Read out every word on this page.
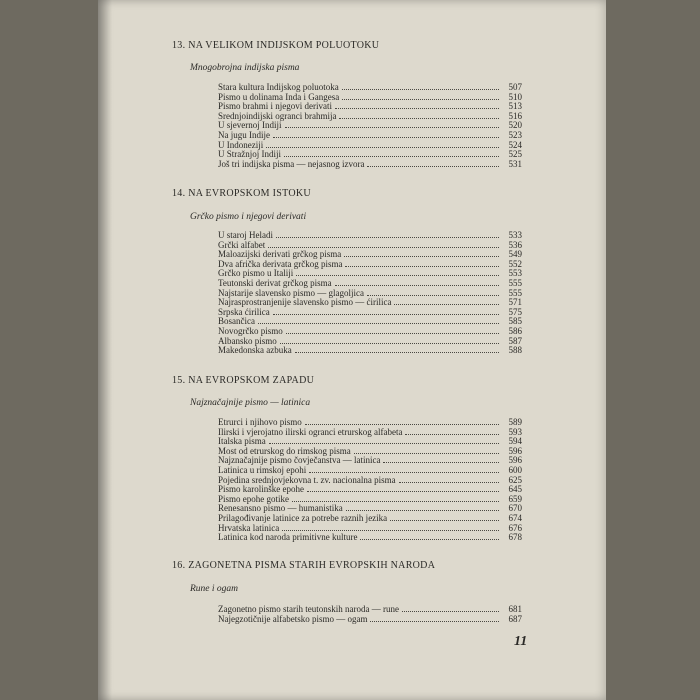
13. NA VELIKOM INDIJSKOM POLUOTOKU
Mnogobrojna indijska pisma
Stara kultura Indijskog poluotoka	507
Pismo u dolinama Inda i Gangesa	510
Pismo brahmi i njegovi derivati	513
Srednjoindijski ogranci brahmija	516
U sjevernoj Indiji	520
Na jugu Indije	523
U Indoneziji	524
U Stražnjoj Indiji	525
Još tri indijska pisma — nejasnog izvora	531
14. NA EVROPSKOM ISTOKU
Grčko pismo i njegovi derivati
U staroj Heladi	533
Grčki alfabet	536
Maloazijski derivati grčkog pisma	549
Dva afrička derivata grčkog pisma	552
Grčko pismo u Italiji	553
Teutonski derivat grčkog pisma	555
Najstarije slavensko pismo — glagoljica	555
Najrasprostranjenije slavensko pismo — ćirilica	571
Srpska ćirilica	575
Bosančica	585
Novogrčko pismo	586
Albansko pismo	587
Makedonska azbuka	588
15. NA EVROPSKOM ZAPADU
Najznačajnije pismo — latinica
Etrurci i njihovo pismo	589
Ilirski i vjerojatno ilirski ogranci etrurskog alfabeta	593
Italska pisma	594
Most od etrurskog do rimskog pisma	596
Najznačajnije pismo čovječanstva — latinica	596
Latinica u rimskoj epohi	600
Pojedina srednjovjekovna t. zv. nacionalna pisma	625
Pismo karolinške epohe	645
Pismo epohe gotike	659
Renesansno pismo — humanistika	670
Prilagođivanje latinice za potrebe raznih jezika	674
Hrvatska latinica	676
Latinica kod naroda primitivne kulture	678
16. ZAGONETNA PISMA STARIH EVROPSKIH NARODA
Rune i ogam
Zagonetno pismo starih teutonskih naroda — rune	681
Najegzotičnije alfabetsko pismo — ogam	687
11
